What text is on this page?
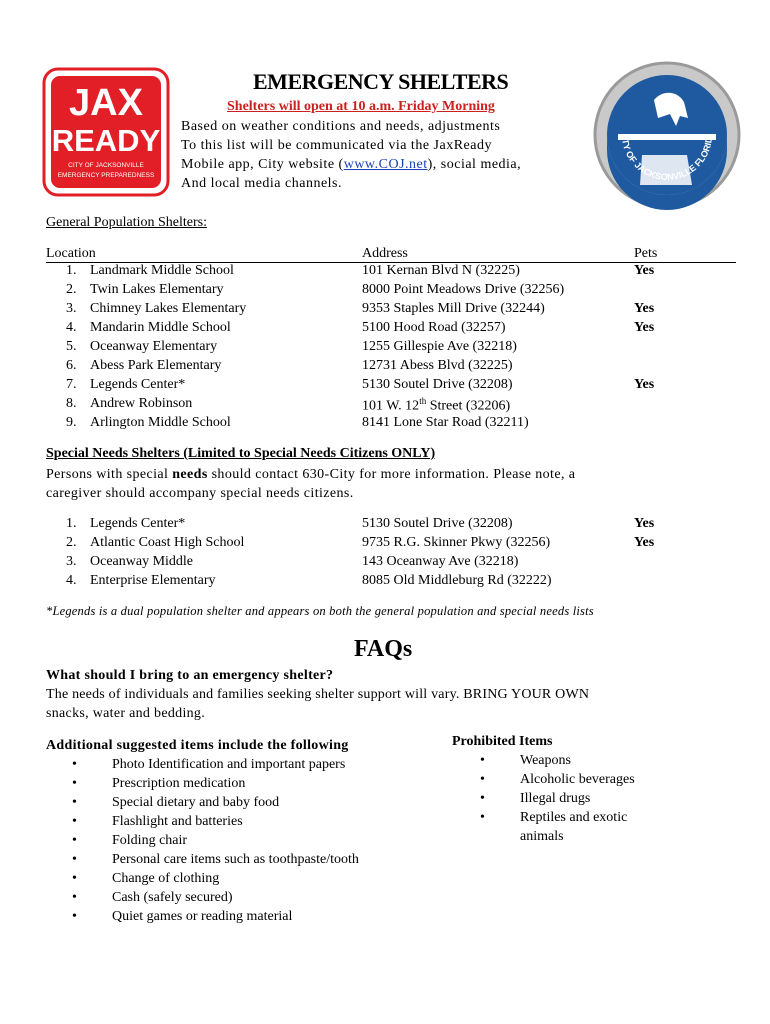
JAX
READY
CITY OF JACKSONVILLE
EMERGENCY PREPAREDNESS
ITY OF JACKSONVILLE FLORID
EMERGENCY SHELTERS
Shelters will open at 10 a.m. Friday Morning
Based on weather conditions and needs, adjustments
To this list will be communicated via the JaxReady
Mobile app, City website (www.COJ.net), social media,
And local media channels.
General Population Shelters:
Location	Address	Pets
1. Landmark Middle School	101 Kernan Blvd N (32225)	Yes
2. Twin Lakes Elementary	8000 Point Meadows Drive (32256)
3. Chimney Lakes Elementary	9353 Staples Mill Drive (32244)	Yes
4. Mandarin Middle School	5100 Hood Road (32257)	Yes
5. Oceanway Elementary	1255 Gillespie Ave (32218)
6. Abess Park Elementary	12731 Abess Blvd (32225)
7. Legends Center*	5130 Soutel Drive (32208)	Yes
8. Andrew Robinson	101 W. 12th Street (32206)
9. Arlington Middle School	8141 Lone Star Road (32211)
Special Needs Shelters (Limited to Special Needs Citizens ONLY)
Persons with special needs should contact 630-City for more information. Please note, a
caregiver should accompany special needs citizens.
1. Legends Center*	5130 Soutel Drive (32208)	Yes
2. Atlantic Coast High School	9735 R.G. Skinner Pkwy (32256)	Yes
3. Oceanway Middle	143 Oceanway Ave (32218)
4. Enterprise Elementary	8085 Old Middleburg Rd (32222)
*Legends is a dual population shelter and appears on both the general population and special needs lists
FAQs
What should I bring to an emergency shelter?
The needs of individuals and families seeking shelter support will vary. BRING YOUR OWN
snacks, water and bedding.
Additional suggested items include the following
• Photo Identification and important papers
• Prescription medication
• Special dietary and baby food
• Flashlight and batteries
• Folding chair
• Personal care items such as toothpaste/tooth
• Change of clothing
• Cash (safely secured)
• Quiet games or reading material
Prohibited Items
• Weapons
• Alcoholic beverages
• Illegal drugs
• Reptiles and exotic
animals
